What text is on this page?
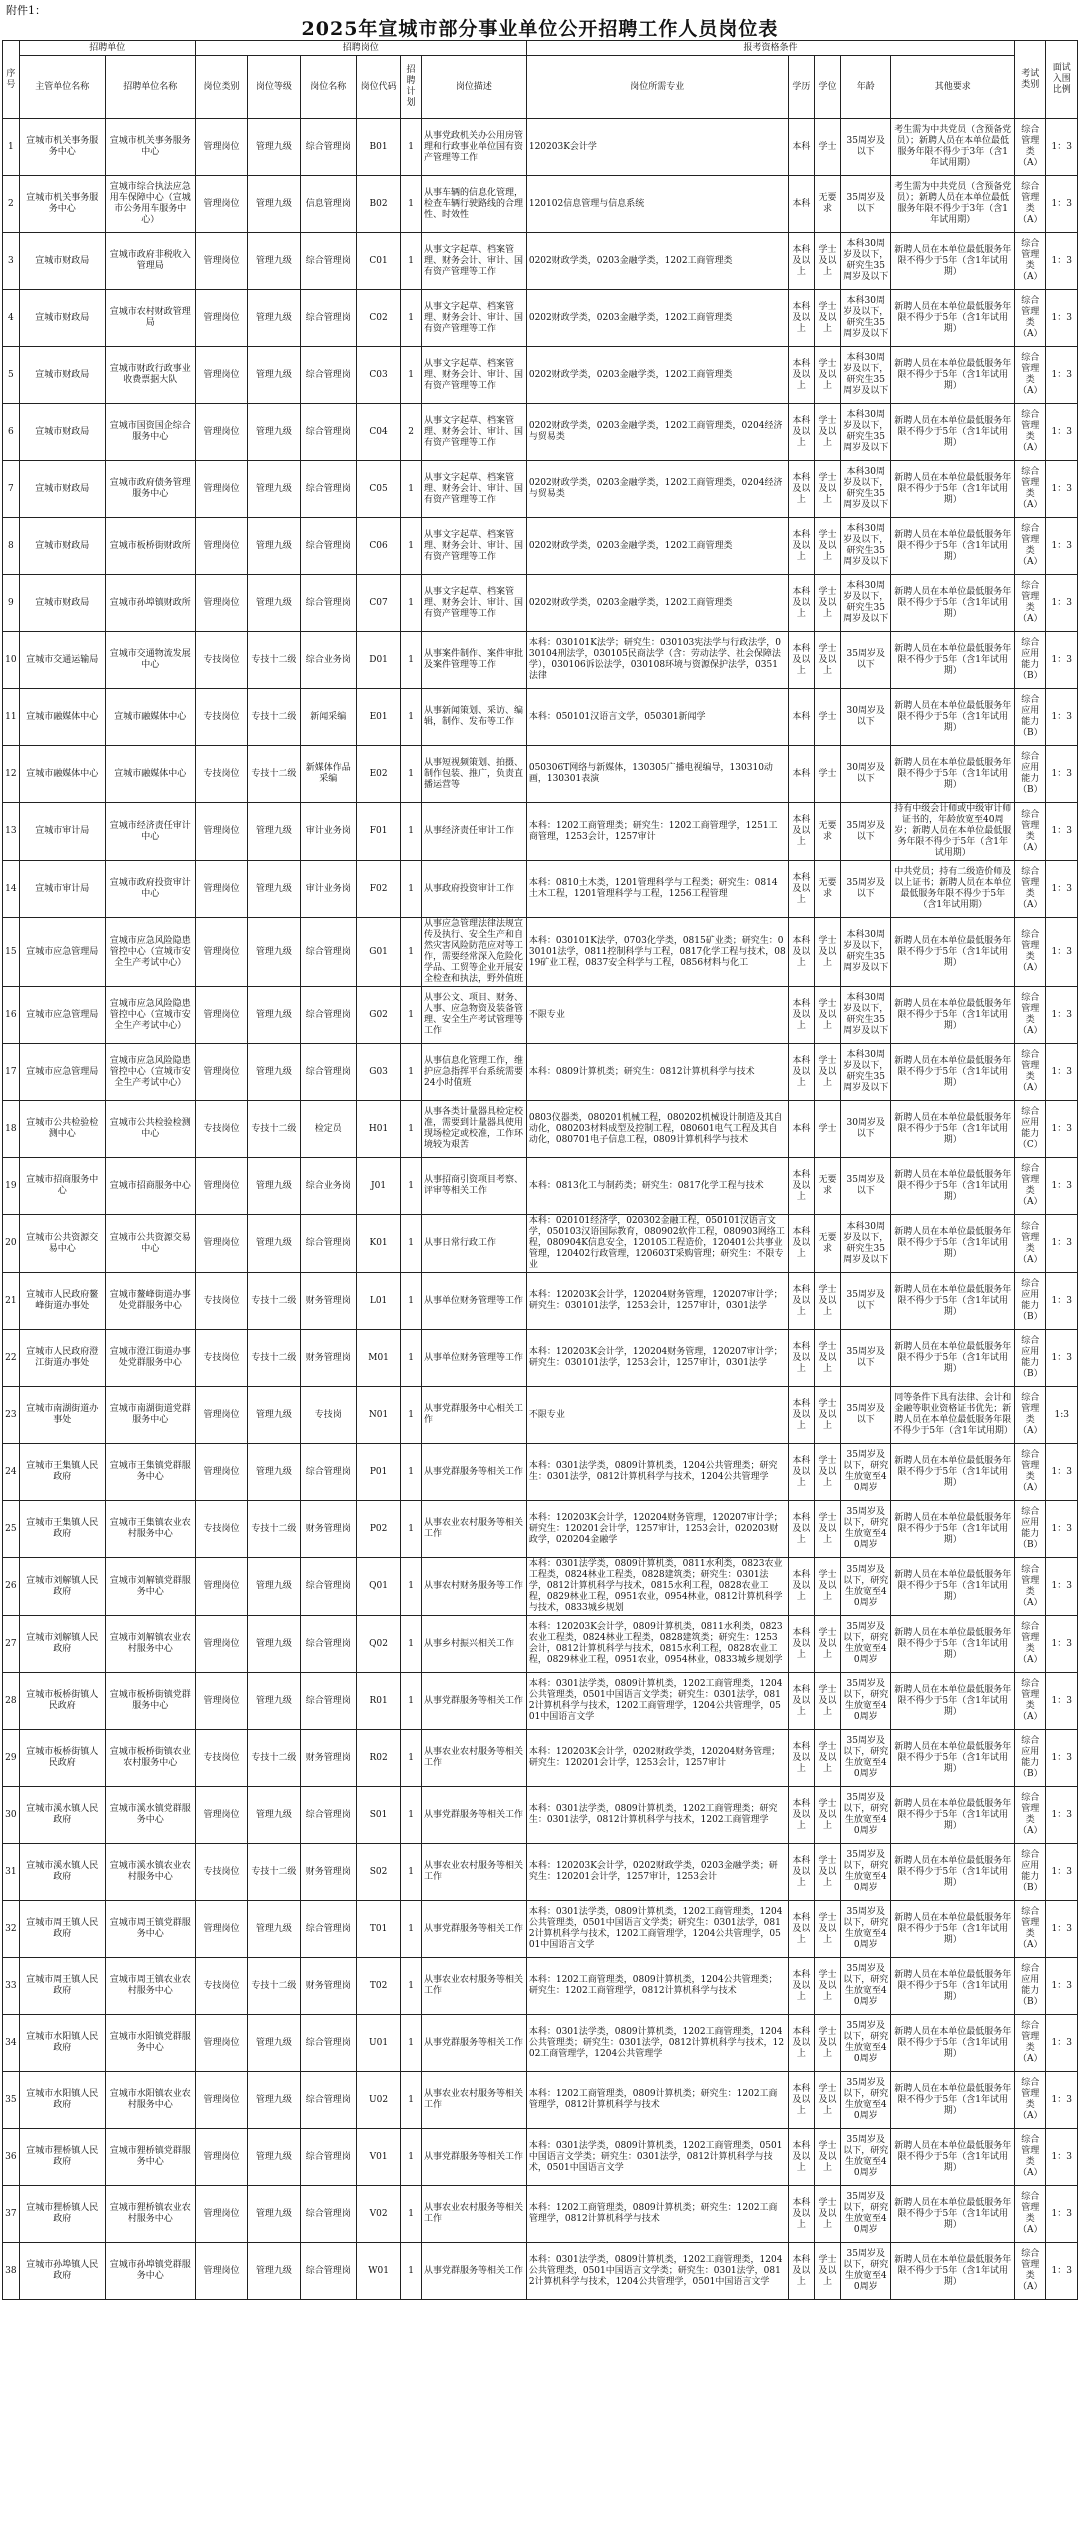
附件1：
2025年宣城市部分事业单位公开招聘工作人员岗位表
序号	招聘单位		招聘岗位						报考资格条件					考试类别	面试入围比例
	主管单位名称	招聘单位名称	岗位类别	岗位等级	岗位名称	岗位代码	招聘计划	岗位描述	岗位所需专业	学历	学位	年龄	其他要求		
1	宣城市机关事务服务中心	宣城市机关事务服务中心	管理岗位	管理九级	综合管理岗	B01	1	从事党政机关办公用房管理和行政事业单位国有资产管理等工作	120203K会计学	本科	学士	35周岁及以下	考生需为中共党员（含预备党员）；新聘人员在本单位最低服务年限不得少于3年（含1年试用期）	综合管理类（A）	1：3
2	宣城市机关事务服务中心	宣城市综合执法应急用车保障中心（宣城市公务用车服务中心）	管理岗位	管理九级	信息管理岗	B02	1	从事车辆的信息化管理，检查车辆行驶路线的合理性、时效性	120102信息管理与信息系统	本科	无要求	35周岁及以下	考生需为中共党员（含预备党员）；新聘人员在本单位最低服务年限不得少于3年（含1年试用期）	综合管理类（A）	1：3
3	宣城市财政局	宣城市政府非税收入管理局	管理岗位	管理九级	综合管理岗	C01	1	从事文字起草、档案管理、财务会计、审计、国有资产管理等工作	0202财政学类，0203金融学类，1202工商管理类	本科及以上	学士及以上	本科30周岁及以下，研究生35周岁及以下	新聘人员在本单位最低服务年限不得少于5年（含1年试用期）	综合管理类（A）	1：3
4	宣城市财政局	宣城市农村财政管理局	管理岗位	管理九级	综合管理岗	C02	1	从事文字起草、档案管理、财务会计、审计、国有资产管理等工作	0202财政学类，0203金融学类，1202工商管理类	本科及以上	学士及以上	本科30周岁及以下，研究生35周岁及以下	新聘人员在本单位最低服务年限不得少于5年（含1年试用期）	综合管理类（A）	1：3
5	宣城市财政局	宣城市财政行政事业收费票据大队	管理岗位	管理九级	综合管理岗	C03	1	从事文字起草、档案管理、财务会计、审计、国有资产管理等工作	0202财政学类，0203金融学类，1202工商管理类	本科及以上	学士及以上	本科30周岁及以下，研究生35周岁及以下	新聘人员在本单位最低服务年限不得少于5年（含1年试用期）	综合管理类（A）	1：3
6	宣城市财政局	宣城市国资国企综合服务中心	管理岗位	管理九级	综合管理岗	C04	2	从事文字起草、档案管理、财务会计、审计、国有资产管理等工作	0202财政学类，0203金融学类，1202工商管理类，0204经济与贸易类	本科及以上	学士及以上	本科30周岁及以下，研究生35周岁及以下	新聘人员在本单位最低服务年限不得少于5年（含1年试用期）	综合管理类（A）	1：3
7	宣城市财政局	宣城市政府债务管理服务中心	管理岗位	管理九级	综合管理岗	C05	1	从事文字起草、档案管理、财务会计、审计、国有资产管理等工作	0202财政学类，0203金融学类，1202工商管理类，0204经济与贸易类	本科及以上	学士及以上	本科30周岁及以下，研究生35周岁及以下	新聘人员在本单位最低服务年限不得少于5年（含1年试用期）	综合管理类（A）	1：3
8	宣城市财政局	宣城市板桥街财政所	管理岗位	管理九级	综合管理岗	C06	1	从事文字起草、档案管理、财务会计、审计、国有资产管理等工作	0202财政学类，0203金融学类，1202工商管理类	本科及以上	学士及以上	本科30周岁及以下，研究生35周岁及以下	新聘人员在本单位最低服务年限不得少于5年（含1年试用期）	综合管理类（A）	1：3
9	宣城市财政局	宣城市孙埠镇财政所	管理岗位	管理九级	综合管理岗	C07	1	从事文字起草、档案管理、财务会计、审计、国有资产管理等工作	0202财政学类，0203金融学类，1202工商管理类	本科及以上	学士及以上	本科30周岁及以下，研究生35周岁及以下	新聘人员在本单位最低服务年限不得少于5年（含1年试用期）	综合管理类（A）	1：3
10	宣城市交通运输局	宣城市交通物流发展中心	专技岗位	专技十二级	综合业务岗	D01	1	从事案件制作、案件审批及案件管理等工作	本科：030101K法学；研究生：030103宪法学与行政法学，030104刑法学，030105民商法学（含：劳动法学、社会保障法学），030106诉讼法学，030108环境与资源保护法学，0351法律	本科及以上	学士及以上	35周岁及以下	新聘人员在本单位最低服务年限不得少于5年（含1年试用期）	综合应用能力（B）	1：3
11	宣城市融媒体中心	宣城市融媒体中心	专技岗位	专技十二级	新闻采编	E01	1	从事新闻策划、采访、编辑，制作、发布等工作	本科：050101汉语言文学，050301新闻学	本科	学士	30周岁及以下	新聘人员在本单位最低服务年限不得少于5年（含1年试用期）	综合应用能力（B）	1：3
12	宣城市融媒体中心	宣城市融媒体中心	专技岗位	专技十二级	新媒体作品采编	E02	1	从事短视频策划、拍摄、制作包装、推广，负责直播运营等	050306T网络与新媒体，130305广播电视编导，130310动画，130301表演	本科	学士	30周岁及以下	新聘人员在本单位最低服务年限不得少于5年（含1年试用期）	综合应用能力（B）	1：3
13	宣城市审计局	宣城市经济责任审计中心	管理岗位	管理九级	审计业务岗	F01	1	从事经济责任审计工作	本科：1202工商管理类；研究生：1202工商管理学，1251工商管理，1253会计，1257审计	本科及以上	无要求	35周岁及以下	持有中级会计师或中级审计师证书的，年龄放宽至40周岁；新聘人员在本单位最低服务年限不得少于5年（含1年试用期）	综合管理类（A）	1：3
14	宣城市审计局	宣城市政府投资审计中心	管理岗位	管理九级	审计业务岗	F02	1	从事政府投资审计工作	本科：0810土木类，1201管理科学与工程类；研究生：0814土木工程，1201管理科学与工程，1256工程管理	本科及以上	无要求	35周岁及以下	中共党员；持有二级造价师及以上证书；新聘人员在本单位最低服务年限不得少于5年（含1年试用期）	综合管理类（A）	1：3
15	宣城市应急管理局	宣城市应急风险隐患管控中心（宣城市安全生产考试中心）	管理岗位	管理九级	综合管理岗	G01	1	从事应急管理法律法规宣传及执行、安全生产和自然灾害风险防范应对等工作，需要经常深入危险化学品、工贸等企业开展安全检查和执法，野外值班	本科：030101K法学，0703化学类，0815矿业类；研究生：030101法学，0811控制科学与工程，0817化学工程与技术，0819矿业工程，0837安全科学与工程，0856材料与化工	本科及以上	学士及以上	本科30周岁及以下，研究生35周岁及以下	新聘人员在本单位最低服务年限不得少于5年（含1年试用期）	综合管理类（A）	1：3
16	宣城市应急管理局	宣城市应急风险隐患管控中心（宣城市安全生产考试中心）	管理岗位	管理九级	综合管理岗	G02	1	从事公文、项目、财务、人事、应急物资及装备管理、安全生产考试管理等工作	不限专业	本科及以上	学士及以上	本科30周岁及以下，研究生35周岁及以下	新聘人员在本单位最低服务年限不得少于5年（含1年试用期）	综合管理类（A）	1：3
17	宣城市应急管理局	宣城市应急风险隐患管控中心（宣城市安全生产考试中心）	管理岗位	管理九级	综合管理岗	G03	1	从事信息化管理工作，维护应急指挥平台系统需要24小时值班	本科：0809计算机类；研究生：0812计算机科学与技术	本科及以上	学士及以上	本科30周岁及以下，研究生35周岁及以下	新聘人员在本单位最低服务年限不得少于5年（含1年试用期）	综合管理类（A）	1：3
18	宣城市公共检验检测中心	宣城市公共检验检测中心	专技岗位	专技十二级	检定员	H01	1	从事各类计量器具检定校准，需要到计量器具使用现场检定或校准，工作环境较为艰苦	0803仪器类，080201机械工程，080202机械设计制造及其自动化，080203材料成型及控制工程，080601电气工程及其自动化，080701电子信息工程，0809计算机科学与技术	本科	学士	30周岁及以下	新聘人员在本单位最低服务年限不得少于5年（含1年试用期）	综合应用能力（C）	1：3
19	宣城市招商服务中心	宣城市招商服务中心	管理岗位	管理九级	综合业务岗	J01	1	从事招商引资项目考察、评审等相关工作	本科：0813化工与制药类；研究生：0817化学工程与技术	本科及以上	无要求	35周岁及以下	新聘人员在本单位最低服务年限不得少于5年（含1年试用期）	综合管理类（A）	1：3
20	宣城市公共资源交易中心	宣城市公共资源交易中心	管理岗位	管理九级	综合管理岗	K01	1	从事日常行政工作	本科：020101经济学，020302金融工程，050101汉语言文学，050103汉语国际教育，080902软件工程，080903网络工程，080904K信息安全，120105工程造价，120401公共事业管理，120402行政管理，120603T采购管理；研究生：不限专业	本科及以上	无要求	本科30周岁及以下，研究生35周岁及以下	新聘人员在本单位最低服务年限不得少于5年（含1年试用期）	综合管理类（A）	1：3
21	宣城市人民政府鳌峰街道办事处	宣城市鳌峰街道办事处党群服务中心	专技岗位	专技十二级	财务管理岗	L01	1	从事单位财务管理等工作	本科：120203K会计学，120204财务管理，120207审计学；研究生：030101法学，1253会计，1257审计，0301法学	本科及以上	学士及以上	35周岁及以下	新聘人员在本单位最低服务年限不得少于5年（含1年试用期）	综合应用能力（B）	1：3
22	宣城市人民政府澄江街道办事处	宣城市澄江街道办事处党群服务中心	专技岗位	专技十二级	财务管理岗	M01	1	从事单位财务管理等工作	本科：120203K会计学，120204财务管理，120207审计学；研究生：030101法学，1253会计，1257审计，0301法学	本科及以上	学士及以上	35周岁及以下	新聘人员在本单位最低服务年限不得少于5年（含1年试用期）	综合应用能力（B）	1：3
23	宣城市南湖街道办事处	宣城市南湖街道党群服务中心	管理岗位	管理九级	专技岗	N01	1	从事党群服务中心相关工作	不限专业	本科及以上	学士及以上	35周岁及以下	同等条件下具有法律、会计和金融等职业资格证书优先；新聘人员在本单位最低服务年限不得少于5年（含1年试用期）	综合管理类（A）	1:3
24	宣城市王集镇人民政府	宣城市王集镇党群服务中心	管理岗位	管理九级	综合管理岗	P01	1	从事党群服务等相关工作	本科：0301法学类，0809计算机类，1204公共管理类；研究生：0301法学，0812计算机科学与技术，1204公共管理学	本科及以上	学士及以上	35周岁及以下，研究生放宽至40周岁	新聘人员在本单位最低服务年限不得少于5年（含1年试用期）	综合管理类（A）	1：3
25	宣城市王集镇人民政府	宣城市王集镇农业农村服务中心	专技岗位	专技十二级	财务管理岗	P02	1	从事农业农村服务等相关工作	本科：120203K会计学，120204财务管理，120207审计学；研究生：120201会计学，1257审计，1253会计，020203财政学，020204金融学	本科及以上	学士及以上	35周岁及以下，研究生放宽至40周岁	新聘人员在本单位最低服务年限不得少于5年（含1年试用期）	综合应用能力（B）	1：3
26	宣城市刘解镇人民政府	宣城市刘解镇党群服务中心	管理岗位	管理九级	综合管理岗	Q01	1	从事农村财务服务等工作	本科：0301法学类，0809计算机类，0811水利类，0823农业工程类，0824林业工程类，0828建筑类；研究生：0301法学，0812计算机科学与技术，0815水利工程，0828农业工程，0829林业工程，0951农业，0954林业，0812计算机科学与技术，0833城乡规划	本科及以上	学士及以上	35周岁及以下，研究生放宽至40周岁	新聘人员在本单位最低服务年限不得少于5年（含1年试用期）	综合管理类（A）	1：3
27	宣城市刘解镇人民政府	宣城市刘解镇农业农村服务中心	管理岗位	管理九级	综合管理岗	Q02	1	从事乡村振兴相关工作	本科：120203K会计学，0809计算机类，0811水利类，0823农业工程类，0824林业工程类，0828建筑类；研究生：1253会计，0812计算机科学与技术，0815水利工程，0828农业工程，0829林业工程，0951农业，0954林业，0833城乡规划学	本科及以上	学士及以上	35周岁及以下，研究生放宽至40周岁	新聘人员在本单位最低服务年限不得少于5年（含1年试用期）	综合管理类（A）	1：3
28	宣城市板桥街镇人民政府	宣城市板桥街镇党群服务中心	管理岗位	管理九级	综合管理岗	R01	1	从事党群服务等相关工作	本科：0301法学类，0809计算机类，1202工商管理类，1204公共管理类，0501中国语言文学类；研究生：0301法学，0812计算机科学与技术，1202工商管理学，1204公共管理学，0501中国语言文学	本科及以上	学士及以上	35周岁及以下，研究生放宽至40周岁	新聘人员在本单位最低服务年限不得少于5年（含1年试用期）	综合管理类（A）	1：3
29	宣城市板桥街镇人民政府	宣城市板桥街镇农业农村服务中心	专技岗位	专技十二级	财务管理岗	R02	1	从事农业农村服务等相关工作	本科：120203K会计学，0202财政学类，120204财务管理；研究生：120201会计学，1253会计，1257审计	本科及以上	学士及以上	35周岁及以下，研究生放宽至40周岁	新聘人员在本单位最低服务年限不得少于5年（含1年试用期）	综合应用能力（B）	1：3
30	宣城市溪水镇人民政府	宣城市溪水镇党群服务中心	管理岗位	管理九级	综合管理岗	S01	1	从事党群服务等相关工作	本科：0301法学类，0809计算机类，1202工商管理类；研究生：0301法学，0812计算机科学与技术，1202工商管理学	本科及以上	学士及以上	35周岁及以下，研究生放宽至40周岁	新聘人员在本单位最低服务年限不得少于5年（含1年试用期）	综合管理类（A）	1：3
31	宣城市溪水镇人民政府	宣城市溪水镇农业农村服务中心	专技岗位	专技十二级	财务管理岗	S02	1	从事农业农村服务等相关工作	本科：120203K会计学，0202财政学类，0203金融学类；研究生：120201会计学，1257审计，1253会计	本科及以上	学士及以上	35周岁及以下，研究生放宽至40周岁	新聘人员在本单位最低服务年限不得少于5年（含1年试用期）	综合应用能力（B）	1：3
32	宣城市周王镇人民政府	宣城市周王镇党群服务中心	管理岗位	管理九级	综合管理岗	T01	1	从事党群服务等相关工作	本科：0301法学类，0809计算机类，1202工商管理类，1204公共管理类，0501中国语言文学类；研究生：0301法学，0812计算机科学与技术，1202工商管理学，1204公共管理学，0501中国语言文学	本科及以上	学士及以上	35周岁及以下，研究生放宽至40周岁	新聘人员在本单位最低服务年限不得少于5年（含1年试用期）	综合管理类（A）	1：3
33	宣城市周王镇人民政府	宣城市周王镇农业农村服务中心	专技岗位	专技十二级	财务管理岗	T02	1	从事农业农村服务等相关工作	本科：1202工商管理类，0809计算机类，1204公共管理类；研究生：1202工商管理学，0812计算机科学与技术	本科及以上	学士及以上	35周岁及以下，研究生放宽至40周岁	新聘人员在本单位最低服务年限不得少于5年（含1年试用期）	综合应用能力（B）	1：3
34	宣城市水阳镇人民政府	宣城市水阳镇党群服务中心	管理岗位	管理九级	综合管理岗	U01	1	从事党群服务等相关工作	本科：0301法学类，0809计算机类，1202工商管理类，1204公共管理类；研究生：0301法学，0812计算机科学与技术，1202工商管理学，1204公共管理学	本科及以上	学士及以上	35周岁及以下，研究生放宽至40周岁	新聘人员在本单位最低服务年限不得少于5年（含1年试用期）	综合管理类（A）	1：3
35	宣城市水阳镇人民政府	宣城市水阳镇农业农村服务中心	管理岗位	管理九级	综合管理岗	U02	1	从事农业农村服务等相关工作	本科：1202工商管理类，0809计算机类；研究生：1202工商管理学，0812计算机科学与技术	本科及以上	学士及以上	35周岁及以下，研究生放宽至40周岁	新聘人员在本单位最低服务年限不得少于5年（含1年试用期）	综合管理类（A）	1：3
36	宣城市狸桥镇人民政府	宣城市狸桥镇党群服务中心	管理岗位	管理九级	综合管理岗	V01	1	从事党群服务等相关工作	本科：0301法学类，0809计算机类，1202工商管理类，0501中国语言文学类；研究生：0301法学，0812计算机科学与技术，0501中国语言文学	本科及以上	学士及以上	35周岁及以下，研究生放宽至40周岁	新聘人员在本单位最低服务年限不得少于5年（含1年试用期）	综合管理类（A）	1：3
37	宣城市狸桥镇人民政府	宣城市狸桥镇农业农村服务中心	管理岗位	管理九级	综合管理岗	V02	1	从事农业农村服务等相关工作	本科：1202工商管理类，0809计算机类；研究生：1202工商管理学，0812计算机科学与技术	本科及以上	学士及以上	35周岁及以下，研究生放宽至40周岁	新聘人员在本单位最低服务年限不得少于5年（含1年试用期）	综合管理类（A）	1：3
38	宣城市孙埠镇人民政府	宣城市孙埠镇党群服务中心	管理岗位	管理九级	综合管理岗	W01	1	从事党群服务等相关工作	本科：0301法学类，0809计算机类，1202工商管理类，1204公共管理类，0501中国语言文学类；研究生：0301法学，0812计算机科学与技术，1204公共管理学，0501中国语言文学	本科及以上	学士及以上	35周岁及以下，研究生放宽至40周岁	新聘人员在本单位最低服务年限不得少于5年（含1年试用期）	综合管理类（A）	1：3
